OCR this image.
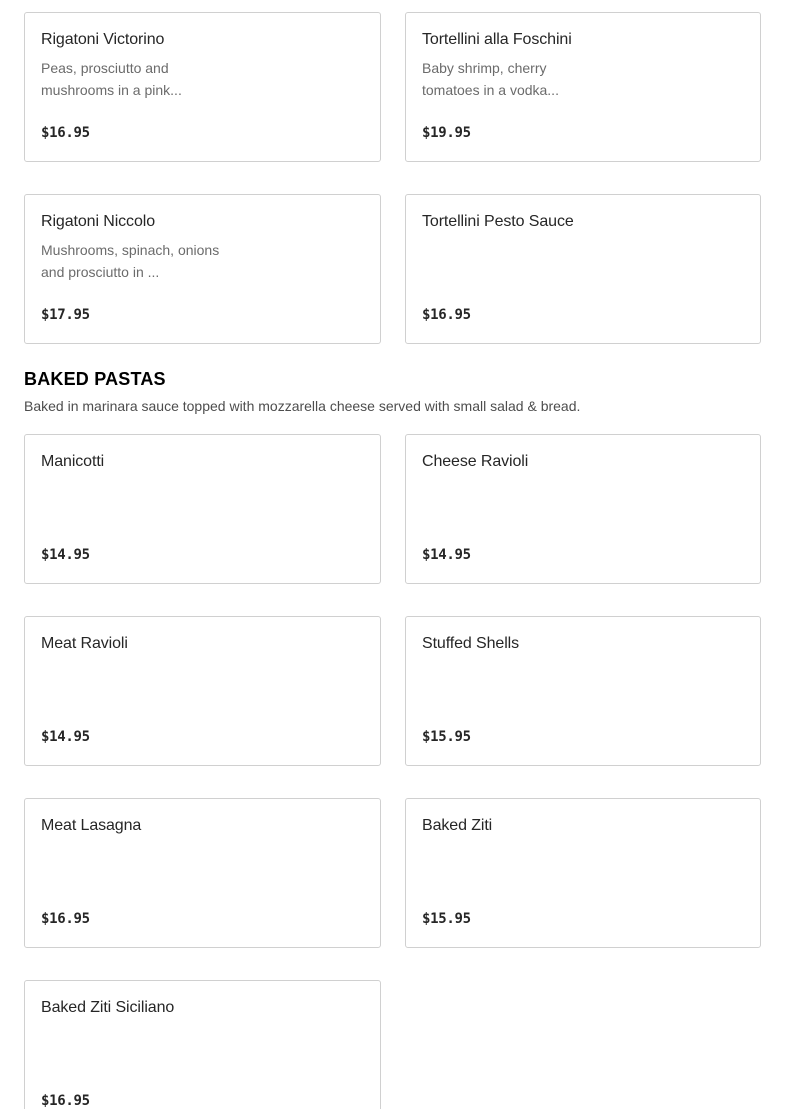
Rigatoni Victorino
Peas, prosciutto and mushrooms in a pink...
$16.95
Tortellini alla Foschini
Baby shrimp, cherry tomatoes in a vodka...
$19.95
Rigatoni Niccolo
Mushrooms, spinach, onions and prosciutto in ...
$17.95
Tortellini Pesto Sauce
$16.95
BAKED PASTAS

Baked in marinara sauce topped with mozzarella cheese served with small salad & bread.

Manicotti
$14.95
Cheese Ravioli
$14.95
Meat Ravioli
$14.95
Stuffed Shells
$15.95
Meat Lasagna
$16.95
Baked Ziti
$15.95
Baked Ziti Siciliano
$16.95
